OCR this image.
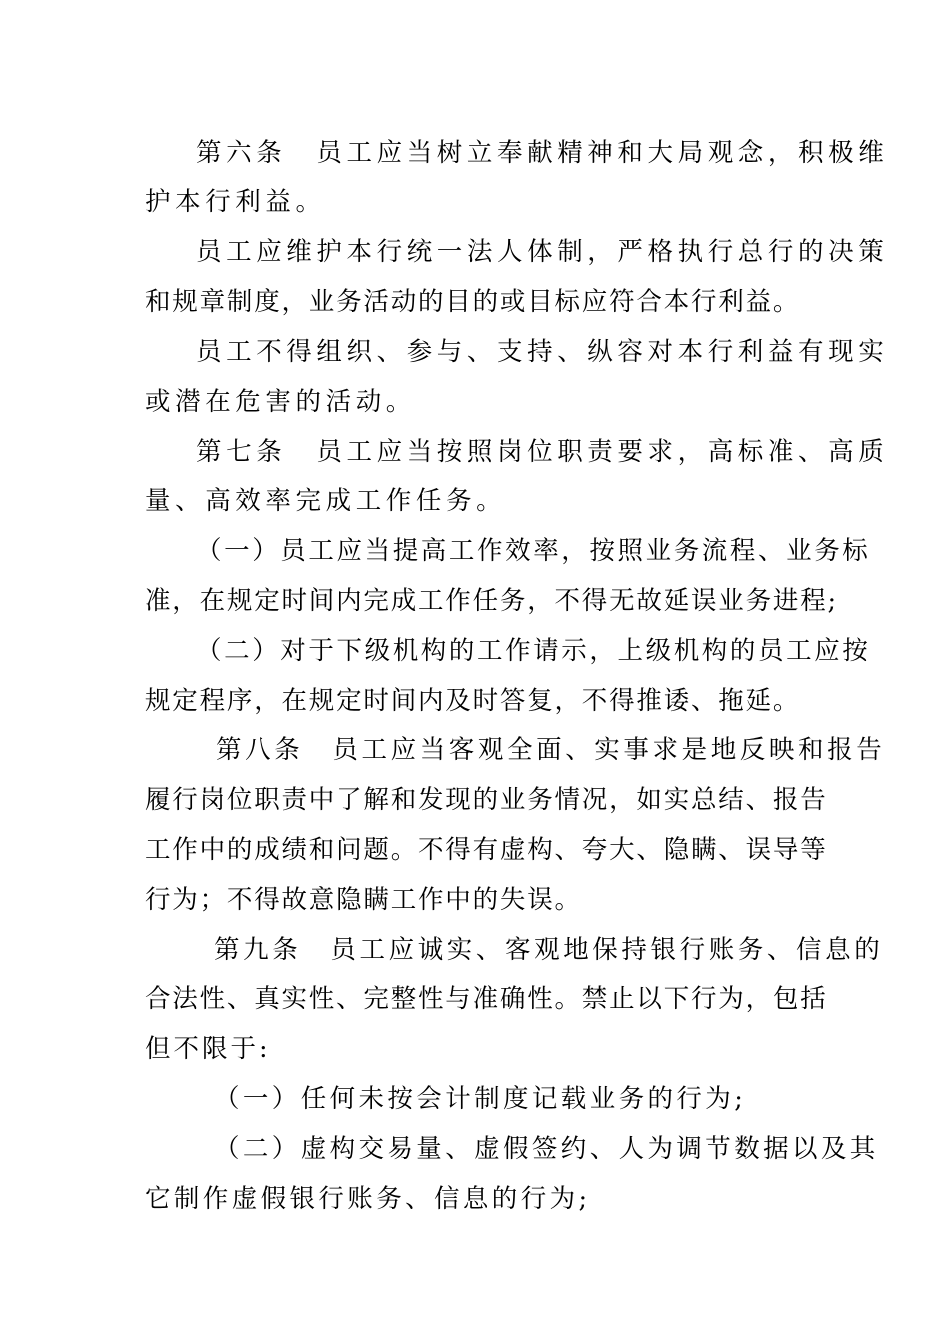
第六条　员工应当树立奉献精神和大局观念，积极维
护本行利益。
员工应维护本行统一法人体制，严格执行总行的决策
和规章制度，业务活动的目的或目标应符合本行利益。
员工不得组织、参与、支持、纵容对本行利益有现实
或潜在危害的活动。
第七条　员工应当按照岗位职责要求，高标准、高质
量、高效率完成工作任务。
（一）员工应当提高工作效率，按照业务流程、业务标
准，在规定时间内完成工作任务，不得无故延误业务进程;
（二）对于下级机构的工作请示，上级机构的员工应按
规定程序，在规定时间内及时答复，不得推诿、拖延。
第八条　员工应当客观全面、实事求是地反映和报告
履行岗位职责中了解和发现的业务情况，如实总结、报告
工作中的成绩和问题。不得有虚构、夸大、隐瞒、误导等
行为；不得故意隐瞒工作中的失误。
第九条　员工应诚实、客观地保持银行账务、信息的
合法性、真实性、完整性与准确性。禁止以下行为，包括
但不限于:
（一）任何未按会计制度记载业务的行为;
（二）虚构交易量、虚假签约、人为调节数据以及其
它制作虚假银行账务、信息的行为;
